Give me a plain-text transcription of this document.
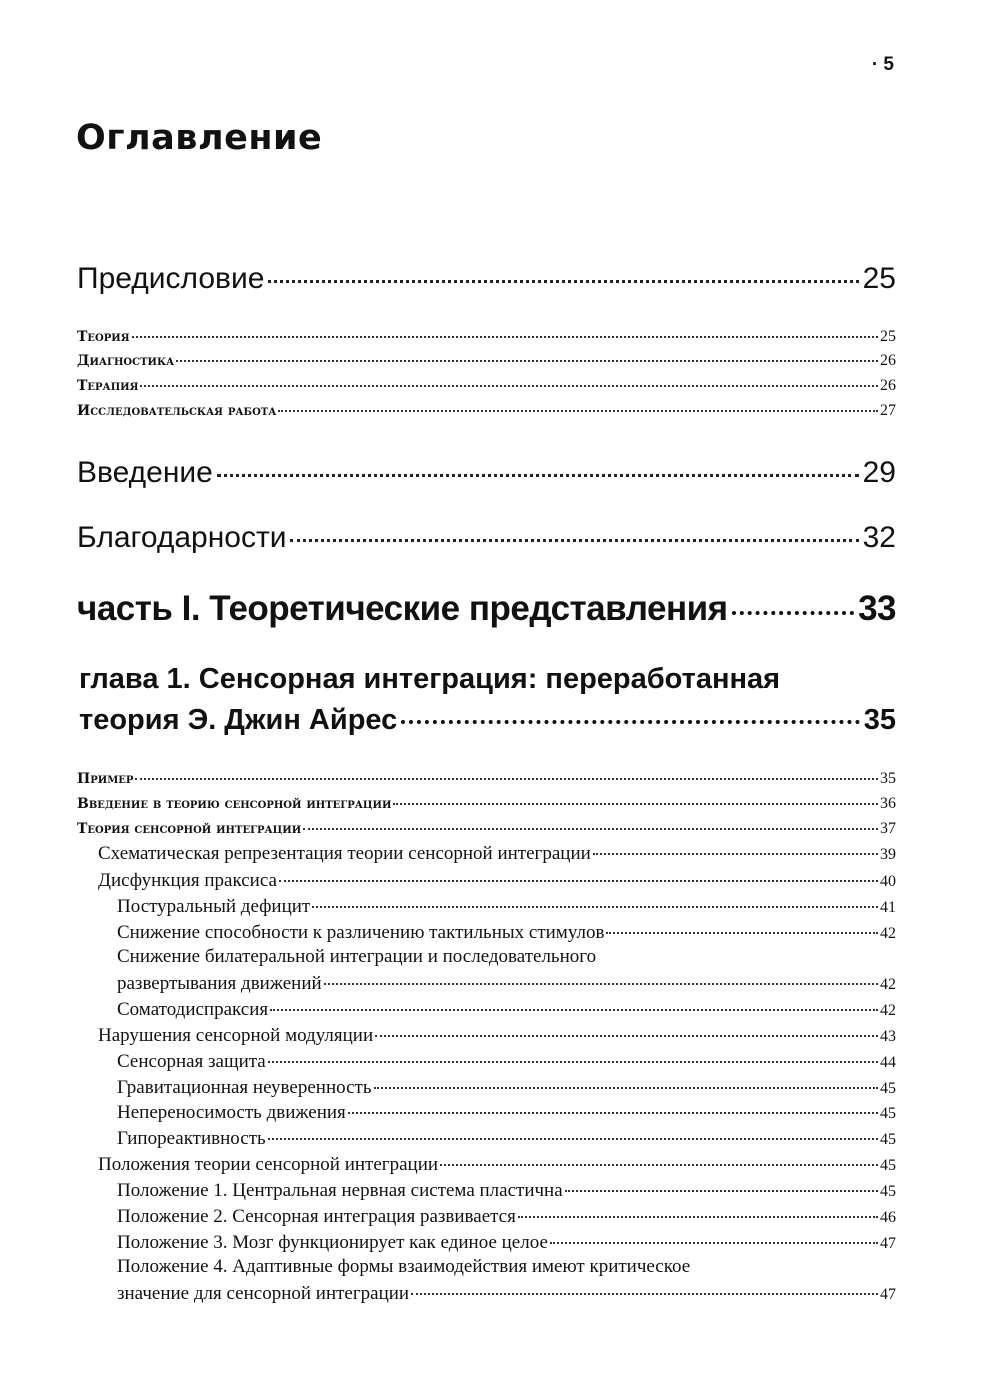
· 5
Оглавление
Предисловие	25
Теория	25
Диагностика	26
Терапия	26
Исследовательская работа	27
Введение	29
Благодарности	32
часть I. Теоретические представления	33
глава 1. Сенсорная интеграция: переработанная
теория Э. Джин Айрес	35
Пример	35
Введение в теорию сенсорной интеграции	36
Теория сенсорной интеграции	37
Схематическая репрезентация теории сенсорной интеграции	39
Дисфункция праксиса	40
Постуральный дефицит	41
Снижение способности к различению тактильных стимулов	42
Снижение билатеральной интеграции и последовательного
развертывания движений	42
Соматодиспраксия	42
Нарушения сенсорной модуляции	43
Сенсорная защита	44
Гравитационная неуверенность	45
Непереносимость движения	45
Гипореактивность	45
Положения теории сенсорной интеграции	45
Положение 1. Центральная нервная система пластична	45
Положение 2. Сенсорная интеграция развивается	46
Положение 3. Мозг функционирует как единое целое	47
Положение 4. Адаптивные формы взаимодействия имеют критическое
значение для сенсорной интеграции	47
